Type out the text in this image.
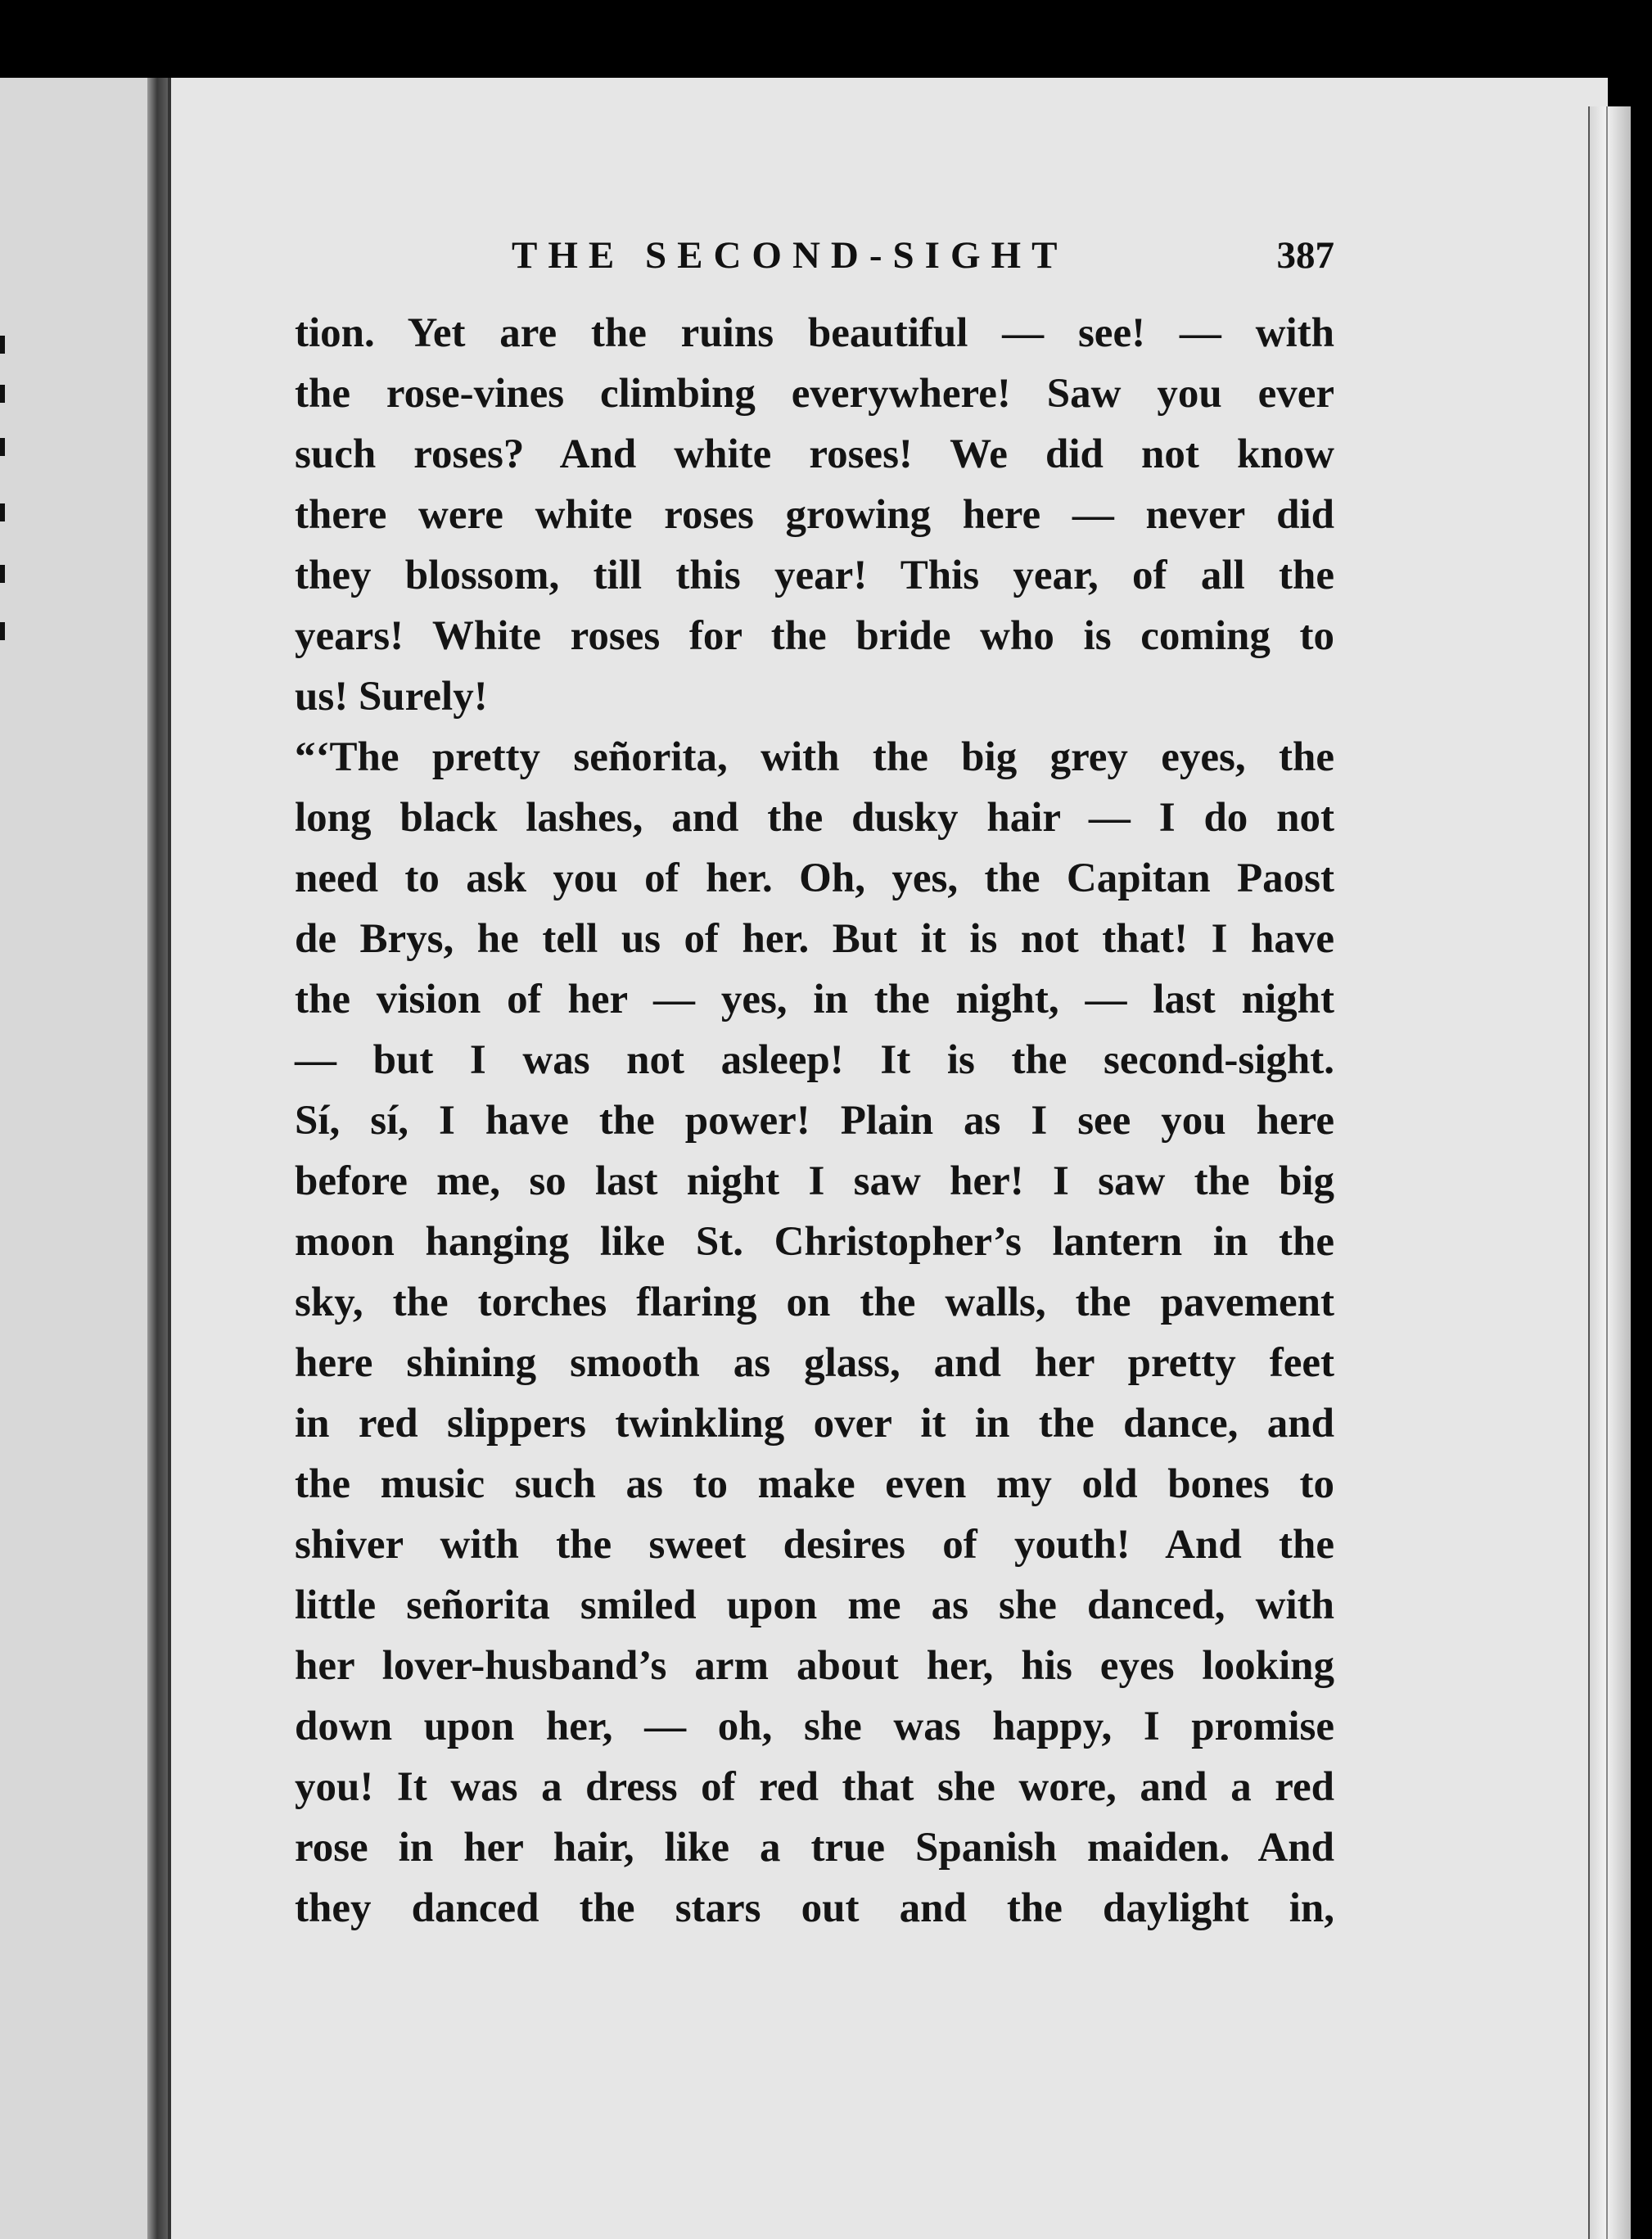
THE SECOND-SIGHT	387
tion. Yet are the ruins beautiful — see! — with
the rose-vines climbing everywhere! Saw you ever
such roses? And white roses! We did not know
there were white roses growing here — never did
they blossom, till this year! This year, of all the
years! White roses for the bride who is coming to
us! Surely!
“‘The pretty señorita, with the big grey eyes, the
long black lashes, and the dusky hair — I do not
need to ask you of her. Oh, yes, the Capitan Paost
de Brys, he tell us of her. But it is not that! I have
the vision of her — yes, in the night, — last night
— but I was not asleep! It is the second-sight.
Sí, sí, I have the power! Plain as I see you here
before me, so last night I saw her! I saw the big
moon hanging like St. Christopher’s lantern in the
sky, the torches flaring on the walls, the pavement
here shining smooth as glass, and her pretty feet
in red slippers twinkling over it in the dance, and
the music such as to make even my old bones to
shiver with the sweet desires of youth! And the
little señorita smiled upon me as she danced, with
her lover-husband’s arm about her, his eyes looking
down upon her, — oh, she was happy, I promise
you! It was a dress of red that she wore, and a red
rose in her hair, like a true Spanish maiden. And
they danced the stars out and the daylight in,
